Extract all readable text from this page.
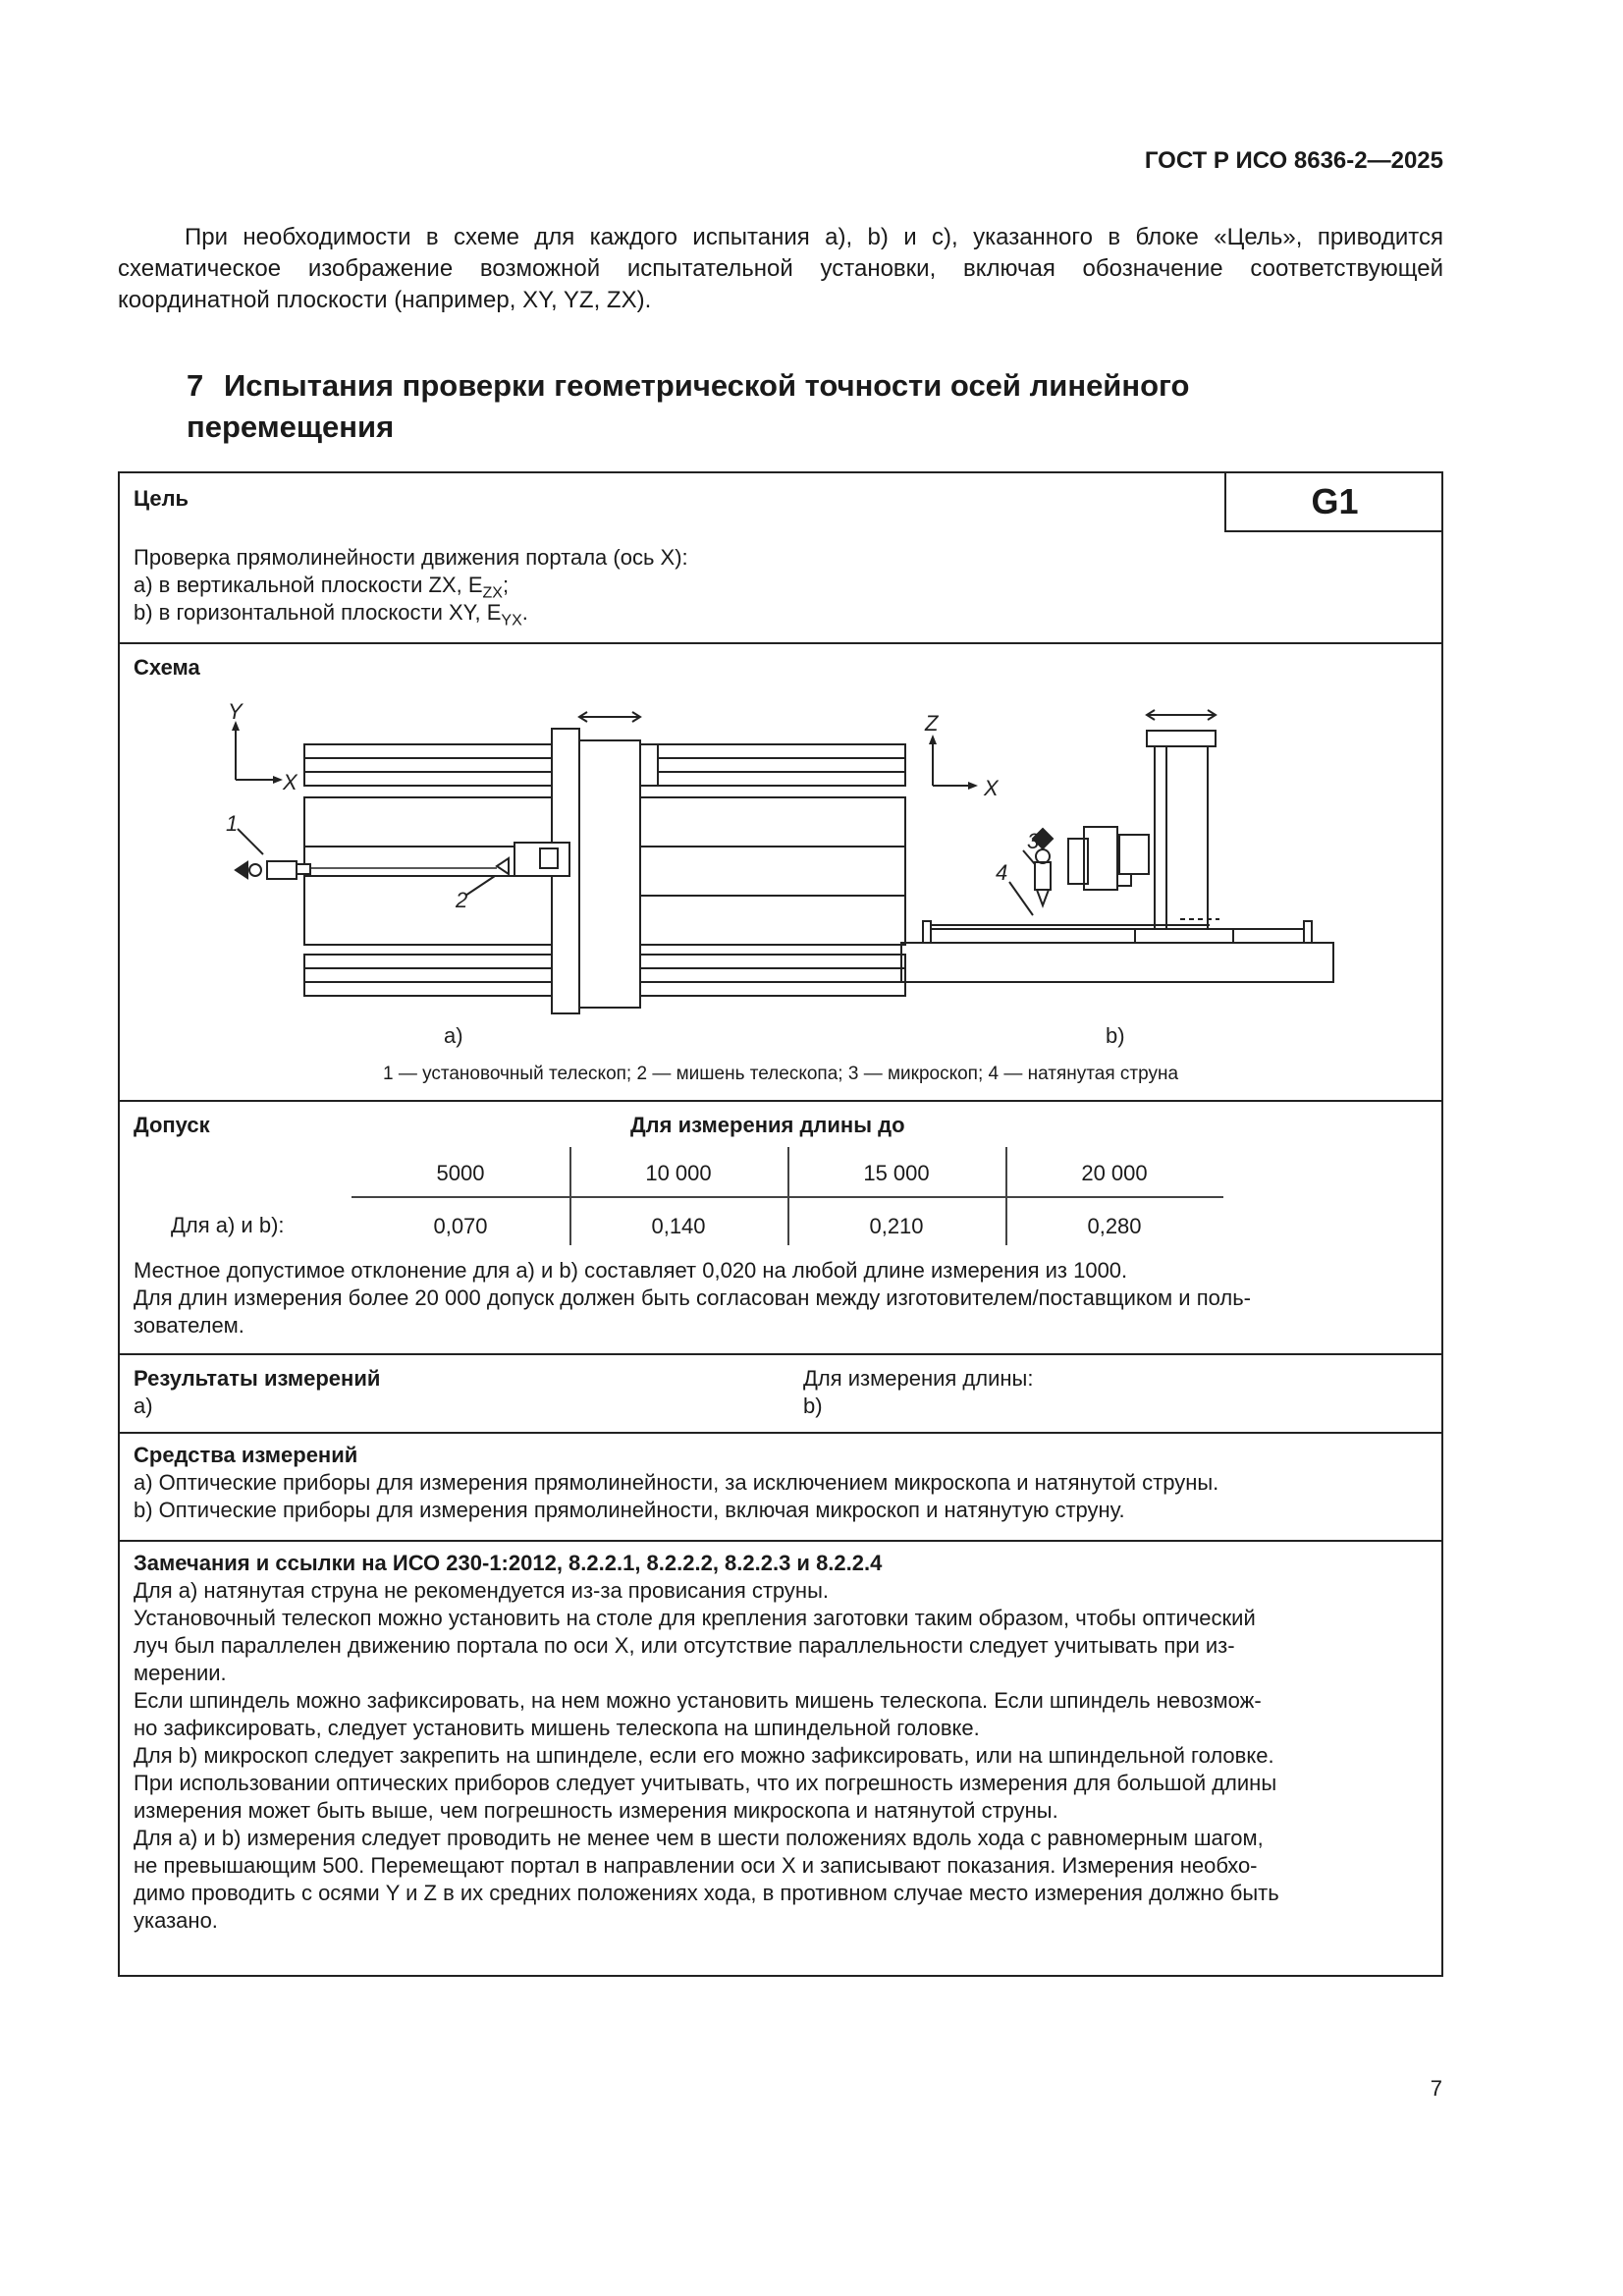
ГОСТ Р ИСО 8636-2—2025

При необходимости в схеме для каждого испытания a), b) и c), указанного в блоке «Цель», приводится схематическое изображение возможной испытательной установки, включая обозначение соответствующей координатной плоскости (например, XY, YZ, ZX).

7 Испытания проверки геометрической точности осей линейного
перемещения
Цель	G1
Проверка прямолинейности движения портала (ось X):
a) в вертикальной плоскости ZX, $E_{ZX}$;
b) в горизонтальной плоскости XY, $E_{YX}$.
Схема
Y
X
1
2
a)
Z
X
3
4
b)
1 — установочный телескоп; 2 — мишень телескопа; 3 — микроскоп; 4 — натянутая струна
Допуск	Для измерения длины до
5000	10 000	15 000	20 000
Для a) и b):	0,070	0,140	0,210	0,280
Местное допустимое отклонение для a) и b) составляет 0,020 на любой длине измерения из 1000.
Для длин измерения более 20 000 допуск должен быть согласован между изготовителем/поставщиком и поль-
зователем.
Результаты измерений
a)
Для измерения длины:
b)
Средства измерений
a) Оптические приборы для измерения прямолинейности, за исключением микроскопа и натянутой струны.
b) Оптические приборы для измерения прямолинейности, включая микроскоп и натянутую струну.
Замечания и ссылки на ИСО 230-1:2012, 8.2.2.1, 8.2.2.2, 8.2.2.3 и 8.2.2.4
Для a) натянутая струна не рекомендуется из-за провисания струны.
Установочный телескоп можно установить на столе для крепления заготовки таким образом, чтобы оптический
луч был параллелен движению портала по оси X, или отсутствие параллельности следует учитывать при из-
мерении.
Если шпиндель можно зафиксировать, на нем можно установить мишень телескопа. Если шпиндель невозмож-
но зафиксировать, следует установить мишень телескопа на шпиндельной головке.
Для b) микроскоп следует закрепить на шпинделе, если его можно зафиксировать, или на шпиндельной головке.
При использовании оптических приборов следует учитывать, что их погрешность измерения для большой длины
измерения может быть выше, чем погрешность измерения микроскопа и натянутой струны.
Для a) и b) измерения следует проводить не менее чем в шести положениях вдоль хода с равномерным шагом,
не превышающим 500. Перемещают портал в направлении оси X и записывают показания. Измерения необхо-
димо проводить с осями Y и Z в их средних положениях хода, в противном случае место измерения должно быть
указано.
7
